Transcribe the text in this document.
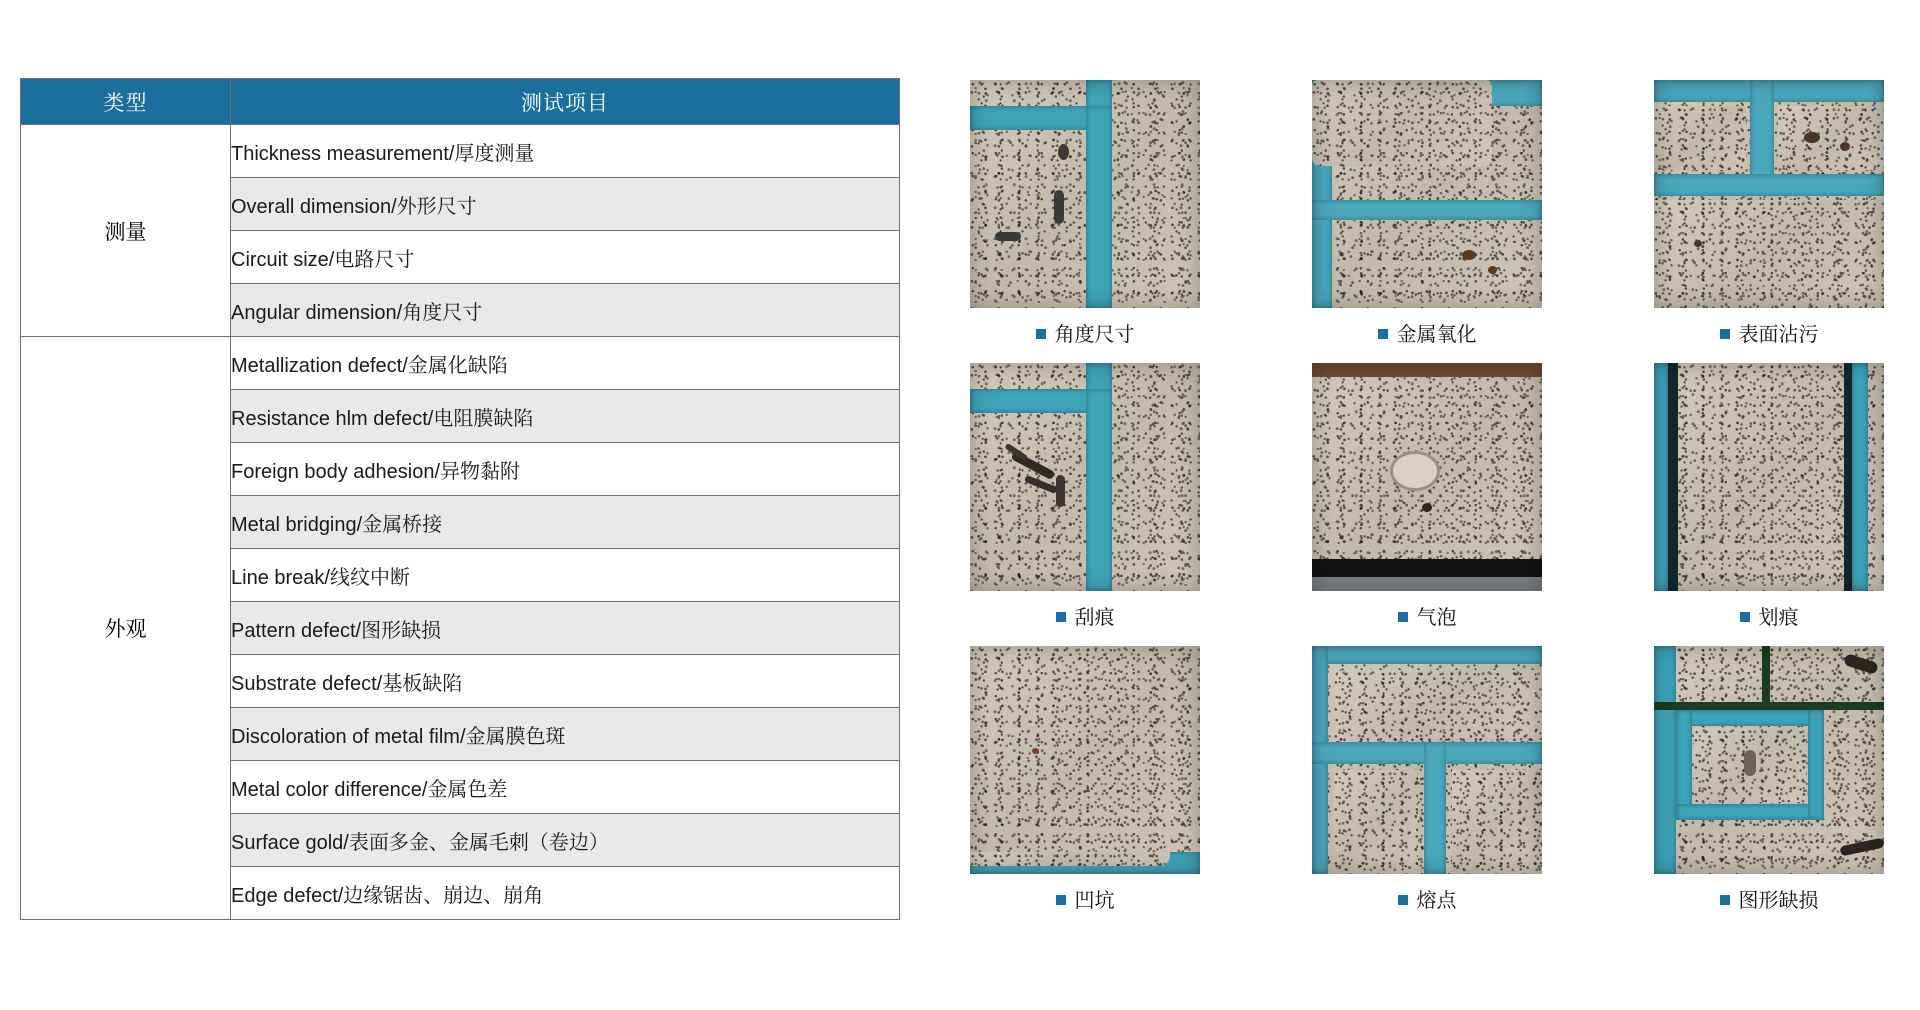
类型	测试项目
测量	Thickness measurement/厚度测量
	Overall dimension/外形尺寸
	Circuit size/电路尺寸
	Angular dimension/角度尺寸
外观	Metallization defect/金属化缺陷
	Resistance hlm defect/电阻膜缺陷
	Foreign body adhesion/异物黏附
	Metal bridging/金属桥接
	Line break/线纹中断
	Pattern defect/图形缺损
	Substrate defect/基板缺陷
	Discoloration of metal film/金属膜色斑
	Metal color difference/金属色差
	Surface gold/表面多金、金属毛刺（卷边）
	Edge defect/边缘锯齿、崩边、崩角
角度尺寸	金属氧化	表面沾污
刮痕	气泡	划痕
凹坑	熔点	图形缺损
